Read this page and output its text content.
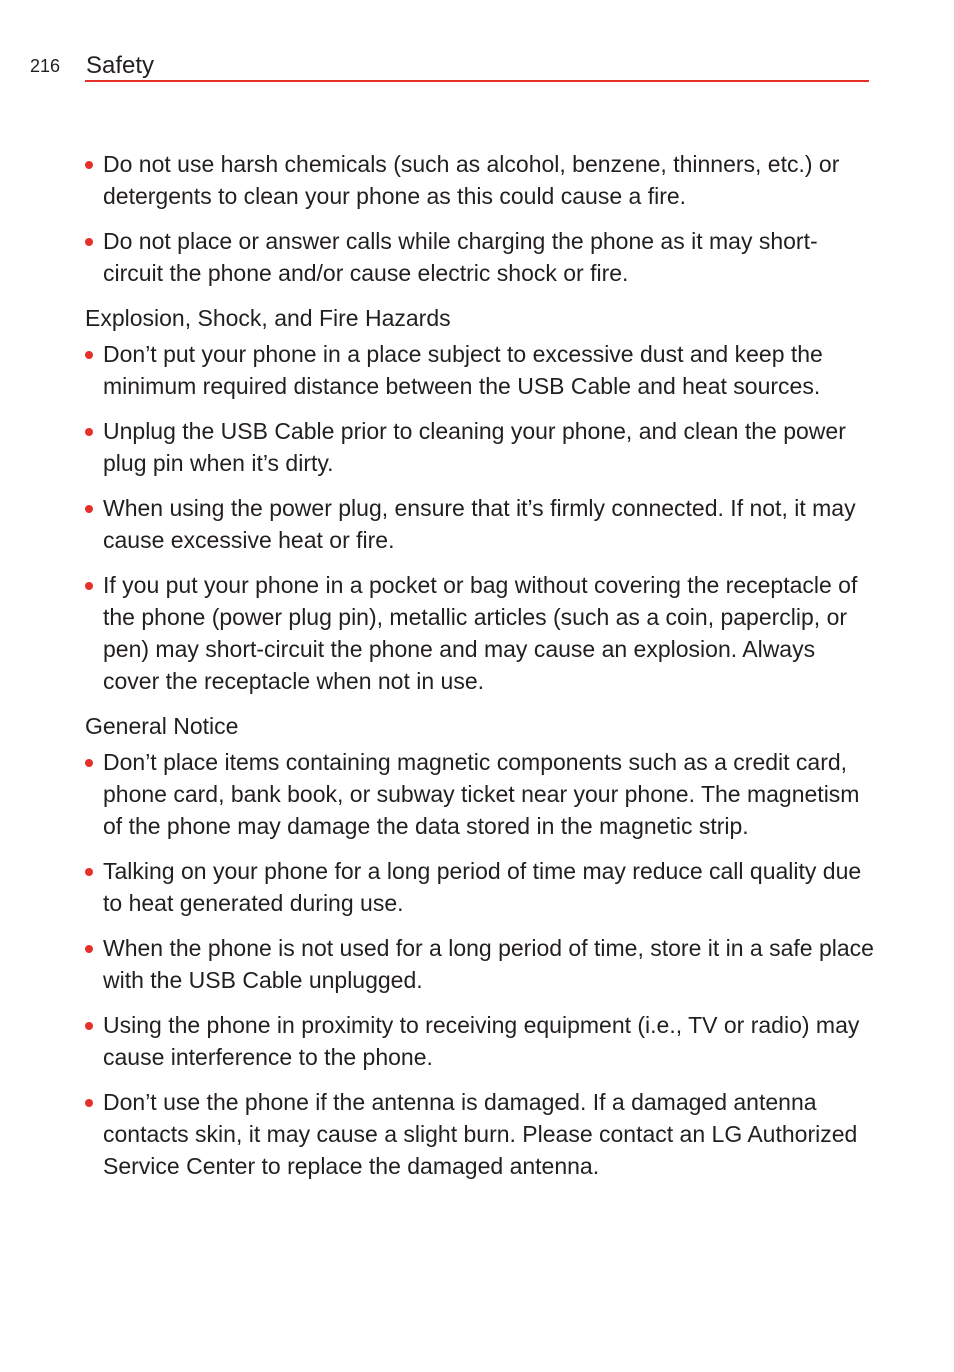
216 Safety
Do not use harsh chemicals (such as alcohol, benzene, thinners, etc.) or detergents to clean your phone as this could cause a fire.
Do not place or answer calls while charging the phone as it may short-circuit the phone and/or cause electric shock or fire.
Explosion, Shock, and Fire Hazards
Don’t put your phone in a place subject to excessive dust and keep the minimum required distance between the USB Cable and heat sources.
Unplug the USB Cable prior to cleaning your phone, and clean the power plug pin when it’s dirty.
When using the power plug, ensure that it’s firmly connected. If not, it may cause excessive heat or fire.
If you put your phone in a pocket or bag without covering the receptacle of the phone (power plug pin), metallic articles (such as a coin, paperclip, or pen) may short-circuit the phone and may cause an explosion. Always cover the receptacle when not in use.
General Notice
Don’t place items containing magnetic components such as a credit card, phone card, bank book, or subway ticket near your phone. The magnetism of the phone may damage the data stored in the magnetic strip.
Talking on your phone for a long period of time may reduce call quality due to heat generated during use.
When the phone is not used for a long period of time, store it in a safe place with the USB Cable unplugged.
Using the phone in proximity to receiving equipment (i.e., TV or radio) may cause interference to the phone.
Don’t use the phone if the antenna is damaged. If a damaged antenna contacts skin, it may cause a slight burn. Please contact an LG Authorized Service Center to replace the damaged antenna.
